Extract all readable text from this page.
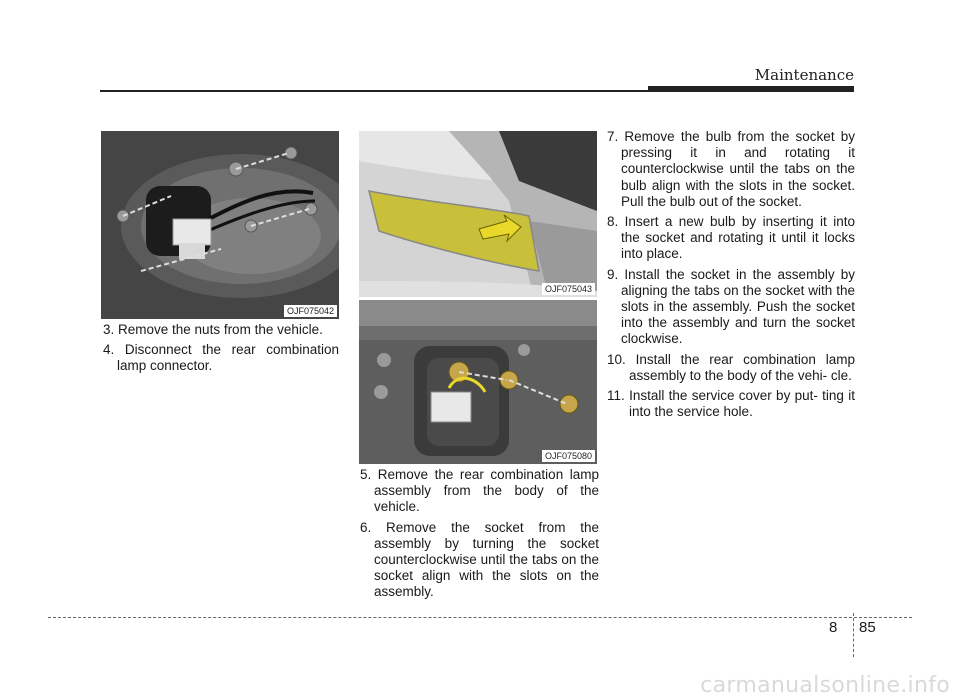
Maintenance
OJF075042
OJF075043
OJF075080
3. Remove the nuts from the vehicle.
4. Disconnect the rear combination lamp connector.
5. Remove the rear combination lamp assembly from the body of the vehicle.
6. Remove the socket from the assembly by turning the socket counterclockwise until the tabs on the socket align with the slots on the assembly.
7. Remove the bulb from the socket by pressing it in and rotating it counterclockwise until the tabs on the bulb align with the slots in the socket. Pull the bulb out of the socket.
8. Insert a new bulb by inserting it into the socket and rotating it until it locks into place.
9. Install the socket in the assembly by aligning the tabs on the socket with the slots in the assembly. Push the socket into the assembly and turn the socket clockwise.
10. Install the rear combination lamp assembly to the body of the vehi- cle.
11. Install the service cover by put- ting it into the service hole.
8 85
carmanualsonline.info
